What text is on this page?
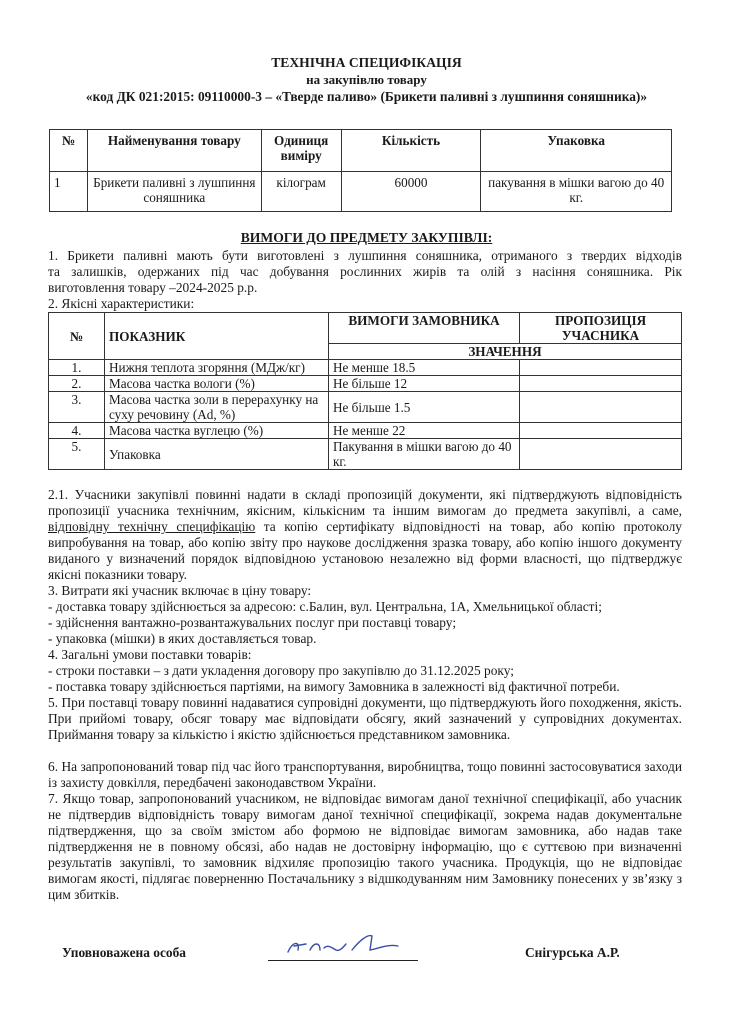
ТЕХНІЧНА СПЕЦИФІКАЦІЯ
на закупівлю товару
«код ДК 021:2015: 09110000-3 – «Тверде паливо» (Брикети паливні з лушпиння соняшника)»
№	Найменування товару	Одиниця виміру	Кількість	Упаковка
1	Брикети паливні з лушпиння соняшника	кілограм	60000	пакування в мішки вагою до 40 кг.
ВИМОГИ ДО ПРЕДМЕТУ ЗАКУПІВЛІ:
1. Брикети паливні мають бути виготовлені з лушпиння соняшника, отриманого з твердих відходів
та залишків, одержаних під час добування рослинних жирів та олій з насіння соняшника. Рік
виготовлення товару –2024-2025 р.р.
2. Якісні характеристики:
№	ПОКАЗНИК	ВИМОГИ ЗАМОВНИКА	ПРОПОЗИЦІЯ УЧАСНИКА
		ЗНАЧЕННЯ	
1.	Нижня теплота згоряння (МДж/кг)	Не менше 18.5	
2.	Масова частка вологи (%)	Не більше 12	
3.	Масова частка золи в перерахунку на суху речовину (Ad, %)	Не більше 1.5	
4.	Масова частка вуглецю (%)	Не менше 22	
5.	Упаковка	Пакування в мішки вагою до 40 кг.	
2.1. Учасники закупівлі повинні надати в складі пропозицій документи, які підтверджують відповідність пропозиції учасника технічним, якісним, кількісним та іншим вимогам до предмета закупівлі, а саме, відповідну технічну специфікацію та копію сертифікату відповідності на товар, або копію протоколу випробування на товар, або копію звіту про наукове дослідження зразка товару, або копію іншого документу виданого у визначений порядок відповідною установою незалежно від форми власності, що підтверджує якісні показники товару.
3. Витрати які учасник включає в ціну товару:
- доставка товару здійснюється за адресою: с.Балин, вул. Центральна, 1А, Хмельницької області;
- здійснення вантажно-розвантажувальних послуг при поставці товару;
- упаковка (мішки) в яких доставляється товар.
4. Загальні умови поставки товарів:
- строки поставки – з дати укладення договору про закупівлю до 31.12.2025 року;
- поставка товару здійснюється партіями, на вимогу Замовника в залежності від фактичної потреби.
5. При поставці товару повинні надаватися супровідні документи, що підтверджують його походження, якість. При прийомі товару, обсяг товару має відповідати обсягу, який зазначений у супровідних документах. Приймання товару за кількістю і якістю здійснюється представником замовника.
6. На запропонований товар під час його транспортування, виробництва, тощо повинні застосовуватися заходи із захисту довкілля, передбачені законодавством України.
7. Якщо товар, запропонований учасником, не відповідає вимогам даної технічної специфікації, або учасник не підтвердив відповідність товару вимогам даної технічної специфікації, зокрема надав документальне підтвердження, що за своїм змістом або формою не відповідає вимогам замовника, або надав таке підтвердження не в повному обсязі, або надав не достовірну інформацію, що є суттєвою при визначенні результатів закупівлі, то замовник відхиляє пропозицію такого учасника. Продукція, що не відповідає вимогам якості, підлягає поверненню Постачальнику з відшкодуванням ним Замовнику понесених у зв’язку з цим збитків.
Уповноважена особа	Снігурська А.Р.
